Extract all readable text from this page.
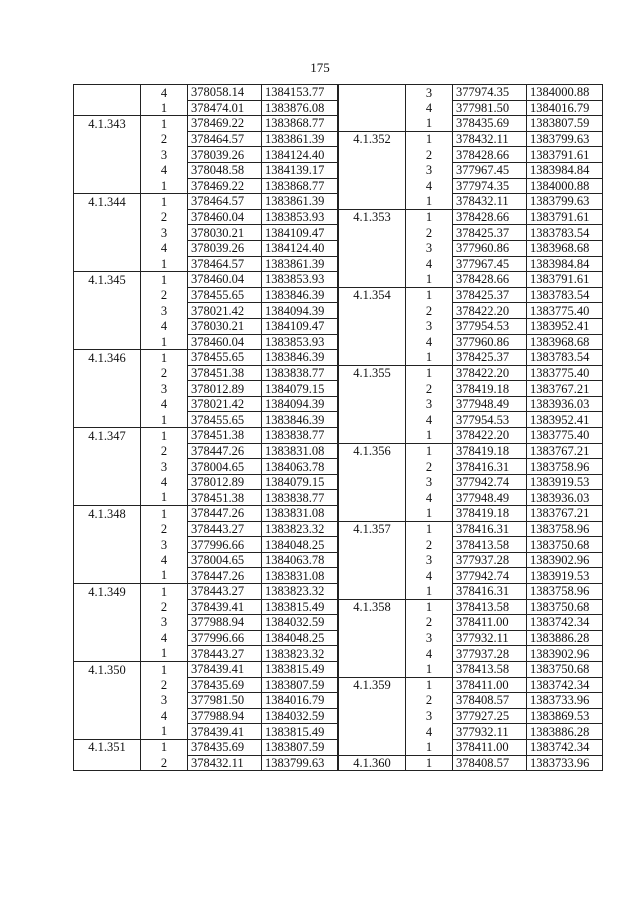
175
	4	378058.14	1384153.77
	1	378474.01	1383876.08
4.1.343	1	378469.22	1383868.77
	2	378464.57	1383861.39
	3	378039.26	1384124.40
	4	378048.58	1384139.17
	1	378469.22	1383868.77
4.1.344	1	378464.57	1383861.39
	2	378460.04	1383853.93
	3	378030.21	1384109.47
	4	378039.26	1384124.40
	1	378464.57	1383861.39
4.1.345	1	378460.04	1383853.93
	2	378455.65	1383846.39
	3	378021.42	1384094.39
	4	378030.21	1384109.47
	1	378460.04	1383853.93
4.1.346	1	378455.65	1383846.39
	2	378451.38	1383838.77
	3	378012.89	1384079.15
	4	378021.42	1384094.39
	1	378455.65	1383846.39
4.1.347	1	378451.38	1383838.77
	2	378447.26	1383831.08
	3	378004.65	1384063.78
	4	378012.89	1384079.15
	1	378451.38	1383838.77
4.1.348	1	378447.26	1383831.08
	2	378443.27	1383823.32
	3	377996.66	1384048.25
	4	378004.65	1384063.78
	1	378447.26	1383831.08
4.1.349	1	378443.27	1383823.32
	2	378439.41	1383815.49
	3	377988.94	1384032.59
	4	377996.66	1384048.25
	1	378443.27	1383823.32
4.1.350	1	378439.41	1383815.49
	2	378435.69	1383807.59
	3	377981.50	1384016.79
	4	377988.94	1384032.59
	1	378439.41	1383815.49
4.1.351	1	378435.69	1383807.59
	2	378432.11	1383799.63
	3	377974.35	1384000.88
	4	377981.50	1384016.79
	1	378435.69	1383807.59
4.1.352	1	378432.11	1383799.63
	2	378428.66	1383791.61
	3	377967.45	1383984.84
	4	377974.35	1384000.88
	1	378432.11	1383799.63
4.1.353	1	378428.66	1383791.61
	2	378425.37	1383783.54
	3	377960.86	1383968.68
	4	377967.45	1383984.84
	1	378428.66	1383791.61
4.1.354	1	378425.37	1383783.54
	2	378422.20	1383775.40
	3	377954.53	1383952.41
	4	377960.86	1383968.68
	1	378425.37	1383783.54
4.1.355	1	378422.20	1383775.40
	2	378419.18	1383767.21
	3	377948.49	1383936.03
	4	377954.53	1383952.41
	1	378422.20	1383775.40
4.1.356	1	378419.18	1383767.21
	2	378416.31	1383758.96
	3	377942.74	1383919.53
	4	377948.49	1383936.03
	1	378419.18	1383767.21
4.1.357	1	378416.31	1383758.96
	2	378413.58	1383750.68
	3	377937.28	1383902.96
	4	377942.74	1383919.53
	1	378416.31	1383758.96
4.1.358	1	378413.58	1383750.68
	2	378411.00	1383742.34
	3	377932.11	1383886.28
	4	377937.28	1383902.96
	1	378413.58	1383750.68
4.1.359	1	378411.00	1383742.34
	2	378408.57	1383733.96
	3	377927.25	1383869.53
	4	377932.11	1383886.28
	1	378411.00	1383742.34
4.1.360	1	378408.57	1383733.96
